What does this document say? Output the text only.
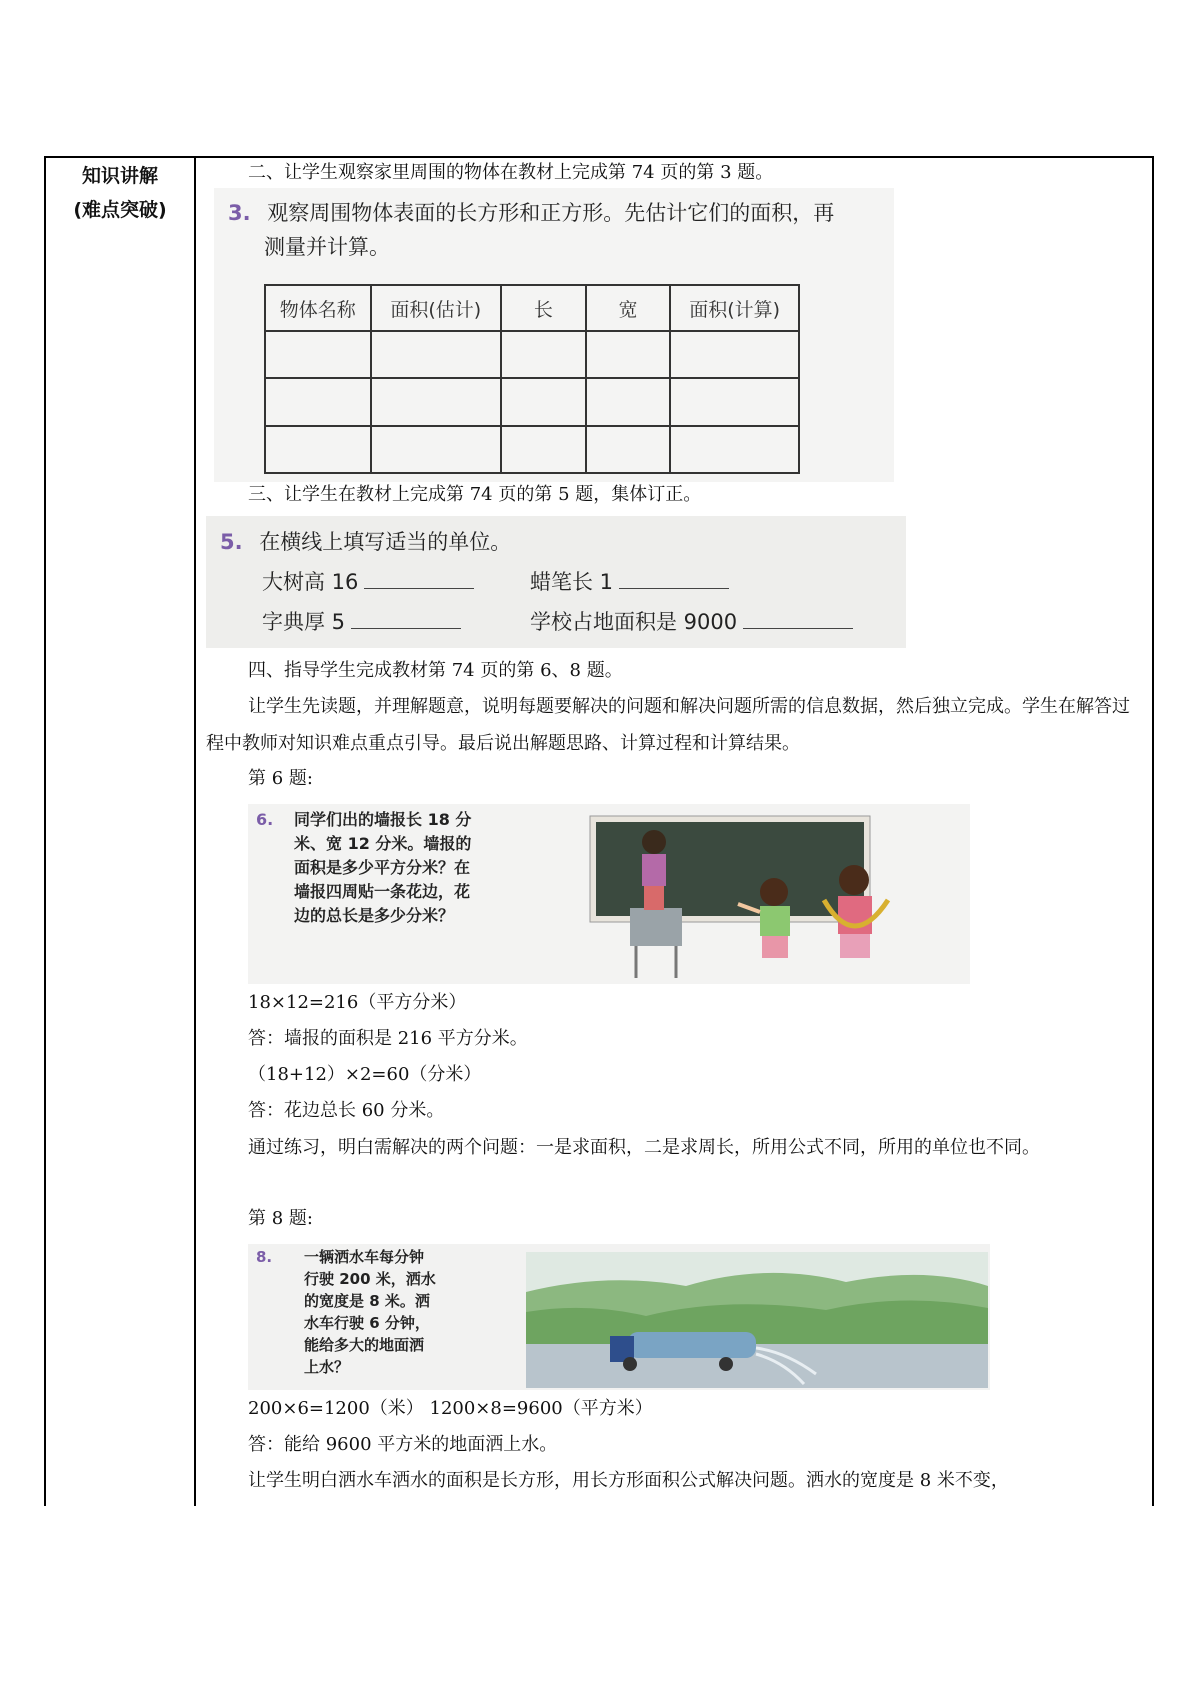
知识讲解
(难点突破)
二、让学生观察家里周围的物体在教材上完成第 74 页的第 3 题。
3. 观察周围物体表面的长方形和正方形。先估计它们的面积，再
测量并计算。
物体名称	面积(估计)	长	宽	面积(计算)

三、让学生在教材上完成第 74 页的第 5 题，集体订正。
5. 在横线上填写适当的单位。
大树高 16	蜡笔长 1
字典厚 5	学校占地面积是 9000
四、指导学生完成教材第 74 页的第 6、8 题。
让学生先读题，并理解题意，说明每题要解决的问题和解决问题所需的信息数据，然后独立完成。学生在解答过程中教师对知识难点重点引导。最后说出解题思路、计算过程和计算结果。
第 6 题:
6. 同学们出的墙报长 18 分
米、宽 12 分米。墙报的
面积是多少平方分米？在
墙报四周贴一条花边，花
边的总长是多少分米？
18×12=216（平方分米）
答：墙报的面积是 216 平方分米。
（18+12）×2=60（分米）
答：花边总长 60 分米。
通过练习，明白需解决的两个问题：一是求面积，二是求周长，所用公式不同，所用的单位也不同。
第 8 题:
8. 一辆洒水车每分钟
行驶 200 米，洒水
的宽度是 8 米。洒
水车行驶 6 分钟，
能给多大的地面洒
上水？
200×6=1200（米） 1200×8=9600（平方米）
答：能给 9600 平方米的地面洒上水。
让学生明白洒水车洒水的面积是长方形，用长方形面积公式解决问题。洒水的宽度是 8 米不变，
